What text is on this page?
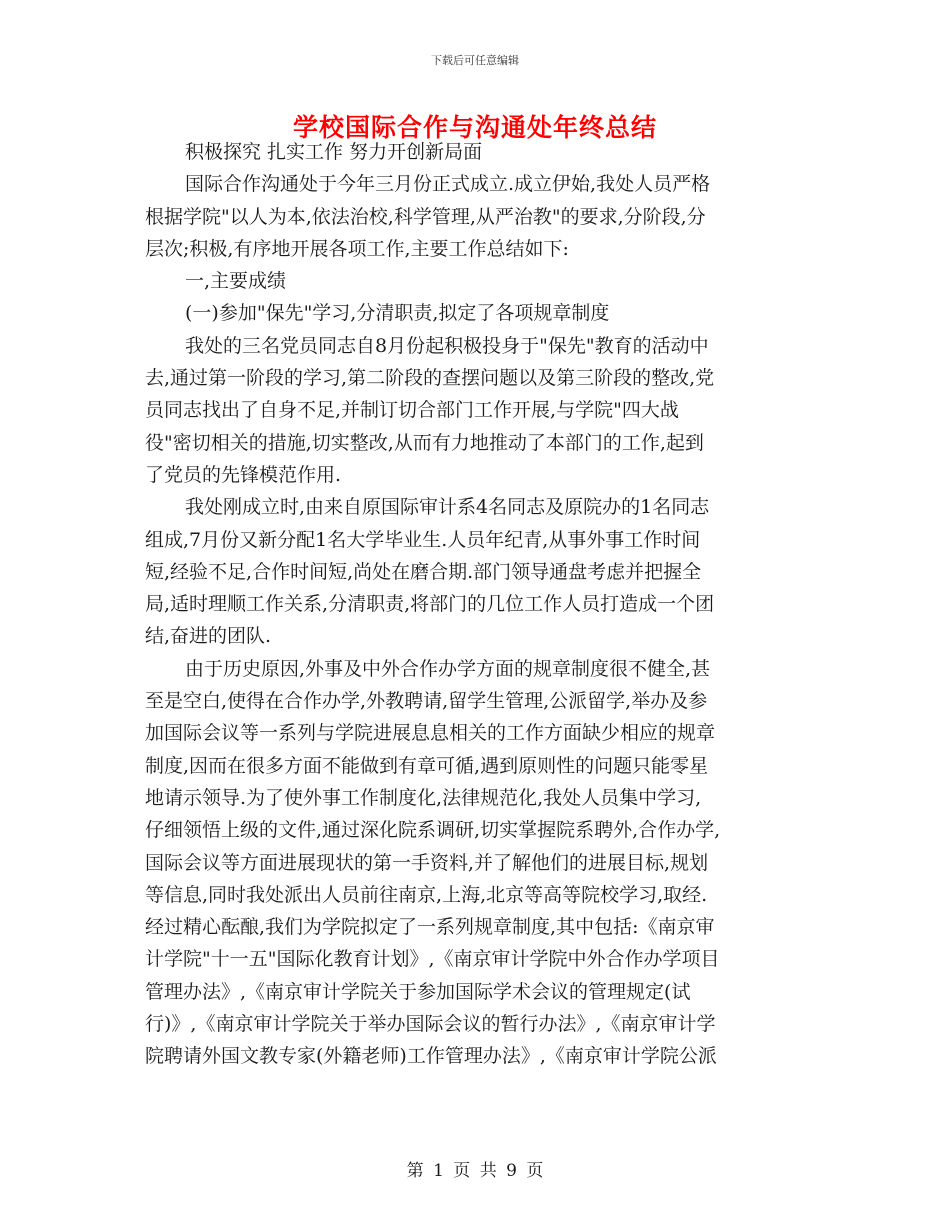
下载后可任意编辑
学校国际合作与沟通处年终总结
积极探究 扎实工作 努力开创新局面
国际合作沟通处于今年三月份正式成立.成立伊始,我处人员严格
根据学院"以人为本,依法治校,科学管理,从严治教"的要求,分阶段,分
层次;积极,有序地开展各项工作,主要工作总结如下:
一,主要成绩
(一)参加"保先"学习,分清职责,拟定了各项规章制度
我处的三名党员同志自8月份起积极投身于"保先"教育的活动中
去,通过第一阶段的学习,第二阶段的查摆问题以及第三阶段的整改,党
员同志找出了自身不足,并制订切合部门工作开展,与学院"四大战
役"密切相关的措施,切实整改,从而有力地推动了本部门的工作,起到
了党员的先锋模范作用.
我处刚成立时,由来自原国际审计系4名同志及原院办的1名同志
组成,7月份又新分配1名大学毕业生.人员年纪青,从事外事工作时间
短,经验不足,合作时间短,尚处在磨合期.部门领导通盘考虑并把握全
局,适时理顺工作关系,分清职责,将部门的几位工作人员打造成一个团
结,奋进的团队.
由于历史原因,外事及中外合作办学方面的规章制度很不健全,甚
至是空白,使得在合作办学,外教聘请,留学生管理,公派留学,举办及参
加国际会议等一系列与学院进展息息相关的工作方面缺少相应的规章
制度,因而在很多方面不能做到有章可循,遇到原则性的问题只能零星
地请示领导.为了使外事工作制度化,法律规范化,我处人员集中学习,
仔细领悟上级的文件,通过深化院系调研,切实掌握院系聘外,合作办学,
国际会议等方面进展现状的第一手资料,并了解他们的进展目标,规划
等信息,同时我处派出人员前往南京,上海,北京等高等院校学习,取经.
经过精心酝酿,我们为学院拟定了一系列规章制度,其中包括:《南京审
计学院"十一五"国际化教育计划》,《南京审计学院中外合作办学项目
管理办法》,《南京审计学院关于参加国际学术会议的管理规定(试
行)》,《南京审计学院关于举办国际会议的暂行办法》,《南京审计学
院聘请外国文教专家(外籍老师)工作管理办法》,《南京审计学院公派
第 1 页 共 9 页
